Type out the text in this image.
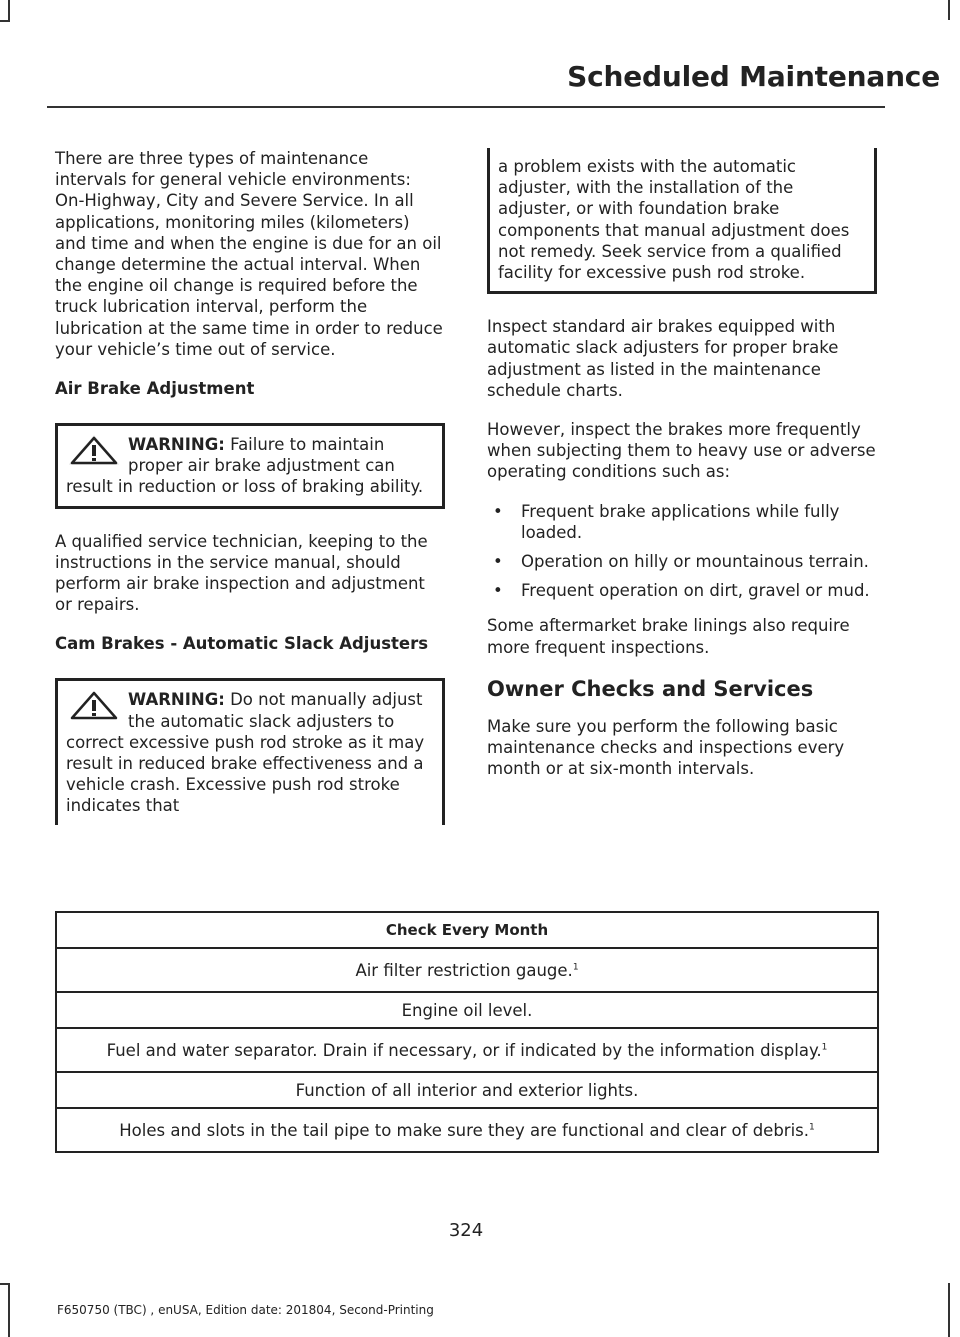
Scheduled Maintenance

There are three types of maintenance intervals for general vehicle environments: On-Highway, City and Severe Service. In all applications, monitoring miles (kilometers) and time and when the engine is due for an oil change determine the actual interval. When the engine oil change is required before the truck lubrication interval, perform the lubrication at the same time in order to reduce your vehicle’s time out of service.

Air Brake Adjustment
WARNING: Failure to maintain proper air brake adjustment can result in reduction or loss of braking ability.

A qualified service technician, keeping to the instructions in the service manual, should perform air brake inspection and adjustment or repairs.

Cam Brakes - Automatic Slack Adjusters
WARNING: Do not manually adjust the automatic slack adjusters to correct excessive push rod stroke as it may result in reduced brake effectiveness and a vehicle crash. Excessive push rod stroke indicates that
a problem exists with the automatic adjuster, with the installation of the adjuster, or with foundation brake components that manual adjustment does not remedy. Seek service from a qualified facility for excessive push rod stroke.

Inspect standard air brakes equipped with automatic slack adjusters for proper brake adjustment as listed in the maintenance schedule charts.

However, inspect the brakes more frequently when subjecting them to heavy use or adverse operating conditions such as:

• Frequent brake applications while fully loaded.
• Operation on hilly or mountainous terrain.
• Frequent operation on dirt, gravel or mud.

Some aftermarket brake linings also require more frequent inspections.

Owner Checks and Services

Make sure you perform the following basic maintenance checks and inspections every month or at six-month intervals.

Check Every Month
Air filter restriction gauge.$^1$
Engine oil level.
Fuel and water separator. Drain if necessary, or if indicated by the information display.$^1$
Function of all interior and exterior lights.
Holes and slots in the tail pipe to make sure they are functional and clear of debris.$^1$
324
F650750 (TBC) , enUSA, Edition date: 201804, Second-Printing
